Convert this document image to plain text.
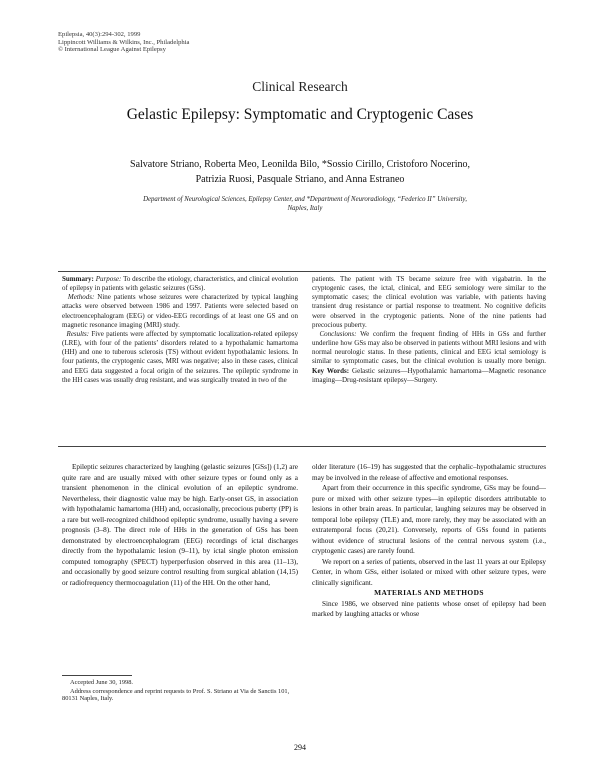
Epilepsia, 40(3):294-302, 1999
Lippincott Williams & Wilkins, Inc., Philadelphia
© International League Against Epilepsy
Clinical Research
Gelastic Epilepsy: Symptomatic and Cryptogenic Cases
Salvatore Striano, Roberta Meo, Leonilda Bilo, *Sossio Cirillo, Cristoforo Nocerino,
Patrizia Ruosi, Pasquale Striano, and Anna Estraneo
Department of Neurological Sciences, Epilepsy Center, and *Department of Neuroradiology, “Federico II” University,
Naples, Italy
Summary: Purpose: To describe the etiology, characteristics, and clinical evolution of epilepsy in patients with gelastic seizures (GSs).
Methods: Nine patients whose seizures were characterized by typical laughing attacks were observed between 1986 and 1997. Patients were selected based on electroencephalogram (EEG) or video-EEG recordings of at least one GS and on magnetic resonance imaging (MRI) study.
Results: Five patients were affected by symptomatic localization-related epilepsy (LRE), with four of the patients’ disorders related to a hypothalamic hamartoma (HH) and one to tuberous sclerosis (TS) without evident hypothalamic lesions. In four patients, the cryptogenic cases, MRI was negative; also in these cases, clinical and EEG data suggested a focal origin of the seizures. The epileptic syndrome in the HH cases was usually drug resistant, and was surgically treated in two of the
patients. The patient with TS became seizure free with vigabatrin. In the cryptogenic cases, the ictal, clinical, and EEG semiology were similar to the symptomatic cases; the clinical evolution was variable, with patients having transient drug resistance or partial response to treatment. No cognitive deficits were observed in the cryptogenic patients. None of the nine patients had precocious puberty.
Conclusions: We confirm the frequent finding of HHs in GSs and further underline how GSs may also be observed in patients without MRI lesions and with normal neurologic status. In these patients, clinical and EEG ictal semiology is similar to symptomatic cases, but the clinical evolution is usually more benign. Key Words: Gelastic seizures—Hypothalamic hamartoma—Magnetic resonance imaging—Drug-resistant epilepsy—Surgery.

Epileptic seizures characterized by laughing (gelastic seizures [GSs]) (1,2) are quite rare and are usually mixed with other seizure types or found only as a transient phenomenon in the clinical evolution of an epileptic syndrome. Nevertheless, their diagnostic value may be high. Early-onset GS, in association with hypothalamic hamartoma (HH) and, occasionally, precocious puberty (PP) is a rare but well-recognized childhood epileptic syndrome, usually having a severe prognosis (3–8). The direct role of HHs in the generation of GSs has been demonstrated by electroencephalogram (EEG) recordings of ictal discharges directly from the hypothalamic lesion (9–11), by ictal single photon emission computed tomography (SPECT) hyperperfusion observed in this area (11–13), and occasionally by good seizure control resulting from surgical ablation (14,15) or radiofrequency thermocoagulation (11) of the HH. On the other hand,

older literature (16–19) has suggested that the cephalic–hypothalamic structures may be involved in the release of affective and emotional responses.

Apart from their occurrence in this specific syndrome, GSs may be found—pure or mixed with other seizure types—in epileptic disorders attributable to lesions in other brain areas. In particular, laughing seizures may be observed in temporal lobe epilepsy (TLE) and, more rarely, they may be associated with an extratemporal focus (20,21). Conversely, reports of GSs found in patients without evidence of structural lesions of the central nervous system (i.e., cryptogenic cases) are rarely found.

We report on a series of patients, observed in the last 11 years at our Epilepsy Center, in whom GSs, either isolated or mixed with other seizure types, were clinically significant.

MATERIALS AND METHODS

Since 1986, we observed nine patients whose onset of epilepsy had been marked by laughing attacks or whose

Accepted June 30, 1998.

Address correspondence and reprint requests to Prof. S. Striano at Via de Sanctis 101, 80131 Naples, Italy.

294
